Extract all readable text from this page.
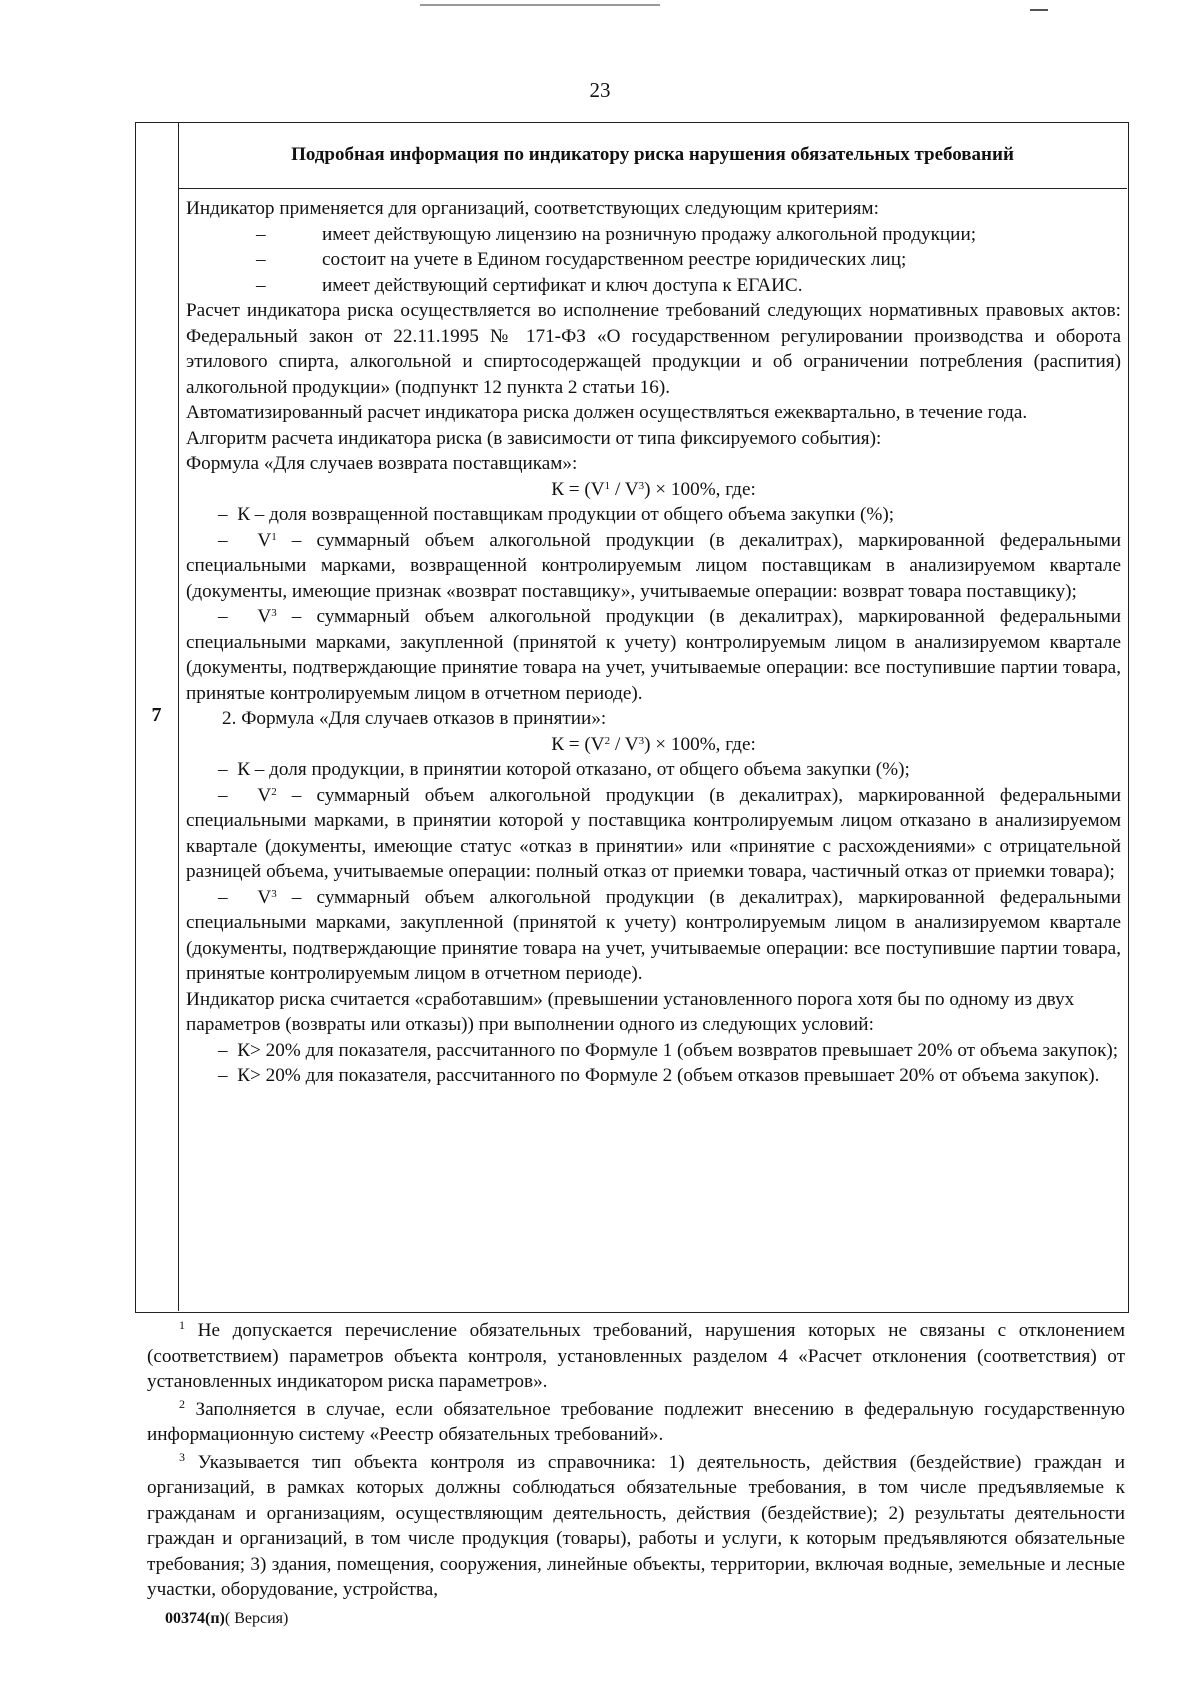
23
7
Подробная информация по индикатору риска нарушения обязательных требований

Индикатор применяется для организаций, соответствующих следующим критериям:

–	имеет действующую лицензию на розничную продажу алкогольной продукции;
–	состоит на учете в Едином государственном реестре юридических лиц;
–	имеет действующий сертификат и ключ доступа к ЕГАИС.

Расчет индикатора риска осуществляется во исполнение требований следующих нормативных правовых актов: Федеральный закон от 22.11.1995 № 171-ФЗ «О государственном регулировании производства и оборота этилового спирта, алкогольной и спиртосодержащей продукции и об ограничении потребления (распития) алкогольной продукции» (подпункт 12 пункта 2 статьи 16).

Автоматизированный расчет индикатора риска должен осуществляться ежеквартально, в течение года.

Алгоритм расчета индикатора риска (в зависимости от типа фиксируемого события):

Формула «Для случаев возврата поставщикам»:

$К = (V^1 / V^3) \times 100\%$, где:

– К – доля возвращенной поставщикам продукции от общего объема закупки (%);

– $V^1$ – суммарный объем алкогольной продукции (в декалитрах), маркированной федеральными специальными марками, возвращенной контролируемым лицом поставщикам в анализируемом квартале (документы, имеющие признак «возврат поставщику», учитываемые операции: возврат товара поставщику);

– $V^3$ – суммарный объем алкогольной продукции (в декалитрах), маркированной федеральными специальными марками, закупленной (принятой к учету) контролируемым лицом в анализируемом квартале (документы, подтверждающие принятие товара на учет, учитываемые операции: все поступившие партии товара, принятые контролируемым лицом в отчетном периоде).

2. Формула «Для случаев отказов в принятии»:

$К = (V^2 / V^3) \times 100\%$, где:

– К – доля продукции, в принятии которой отказано, от общего объема закупки (%);

– $V^2$ – суммарный объем алкогольной продукции (в декалитрах), маркированной федеральными специальными марками, в принятии которой у поставщика контролируемым лицом отказано в анализируемом квартале (документы, имеющие статус «отказ в принятии» или «принятие с расхождениями» с отрицательной разницей объема, учитываемые операции: полный отказ от приемки товара, частичный отказ от приемки товара);

– $V^3$ – суммарный объем алкогольной продукции (в декалитрах), маркированной федеральными специальными марками, закупленной (принятой к учету) контролируемым лицом в анализируемом квартале (документы, подтверждающие принятие товара на учет, учитываемые операции: все поступившие партии товара, принятые контролируемым лицом в отчетном периоде).

Индикатор риска считается «сработавшим» (превышении установленного порога хотя бы по одному из двух параметров (возвраты или отказы)) при выполнении одного из следующих условий:

– К> 20% для показателя, рассчитанного по Формуле 1 (объем возвратов превышает 20% от объема закупок);

– К> 20% для показателя, рассчитанного по Формуле 2 (объем отказов превышает 20% от объема закупок).

$^1$ Не допускается перечисление обязательных требований, нарушения которых не связаны с отклонением (соответствием) параметров объекта контроля, установленных разделом 4 «Расчет отклонения (соответствия) от установленных индикатором риска параметров».

$^2$ Заполняется в случае, если обязательное требование подлежит внесению в федеральную государственную информационную систему «Реестр обязательных требований».

$^3$ Указывается тип объекта контроля из справочника: 1) деятельность, действия (бездействие) граждан и организаций, в рамках которых должны соблюдаться обязательные требования, в том числе предъявляемые к гражданам и организациям, осуществляющим деятельность, действия (бездействие); 2) результаты деятельности граждан и организаций, в том числе продукция (товары), работы и услуги, к которым предъявляются обязательные требования; 3) здания, помещения, сооружения, линейные объекты, территории, включая водные, земельные и лесные участки, оборудование, устройства,

00374(п)( Версия)
